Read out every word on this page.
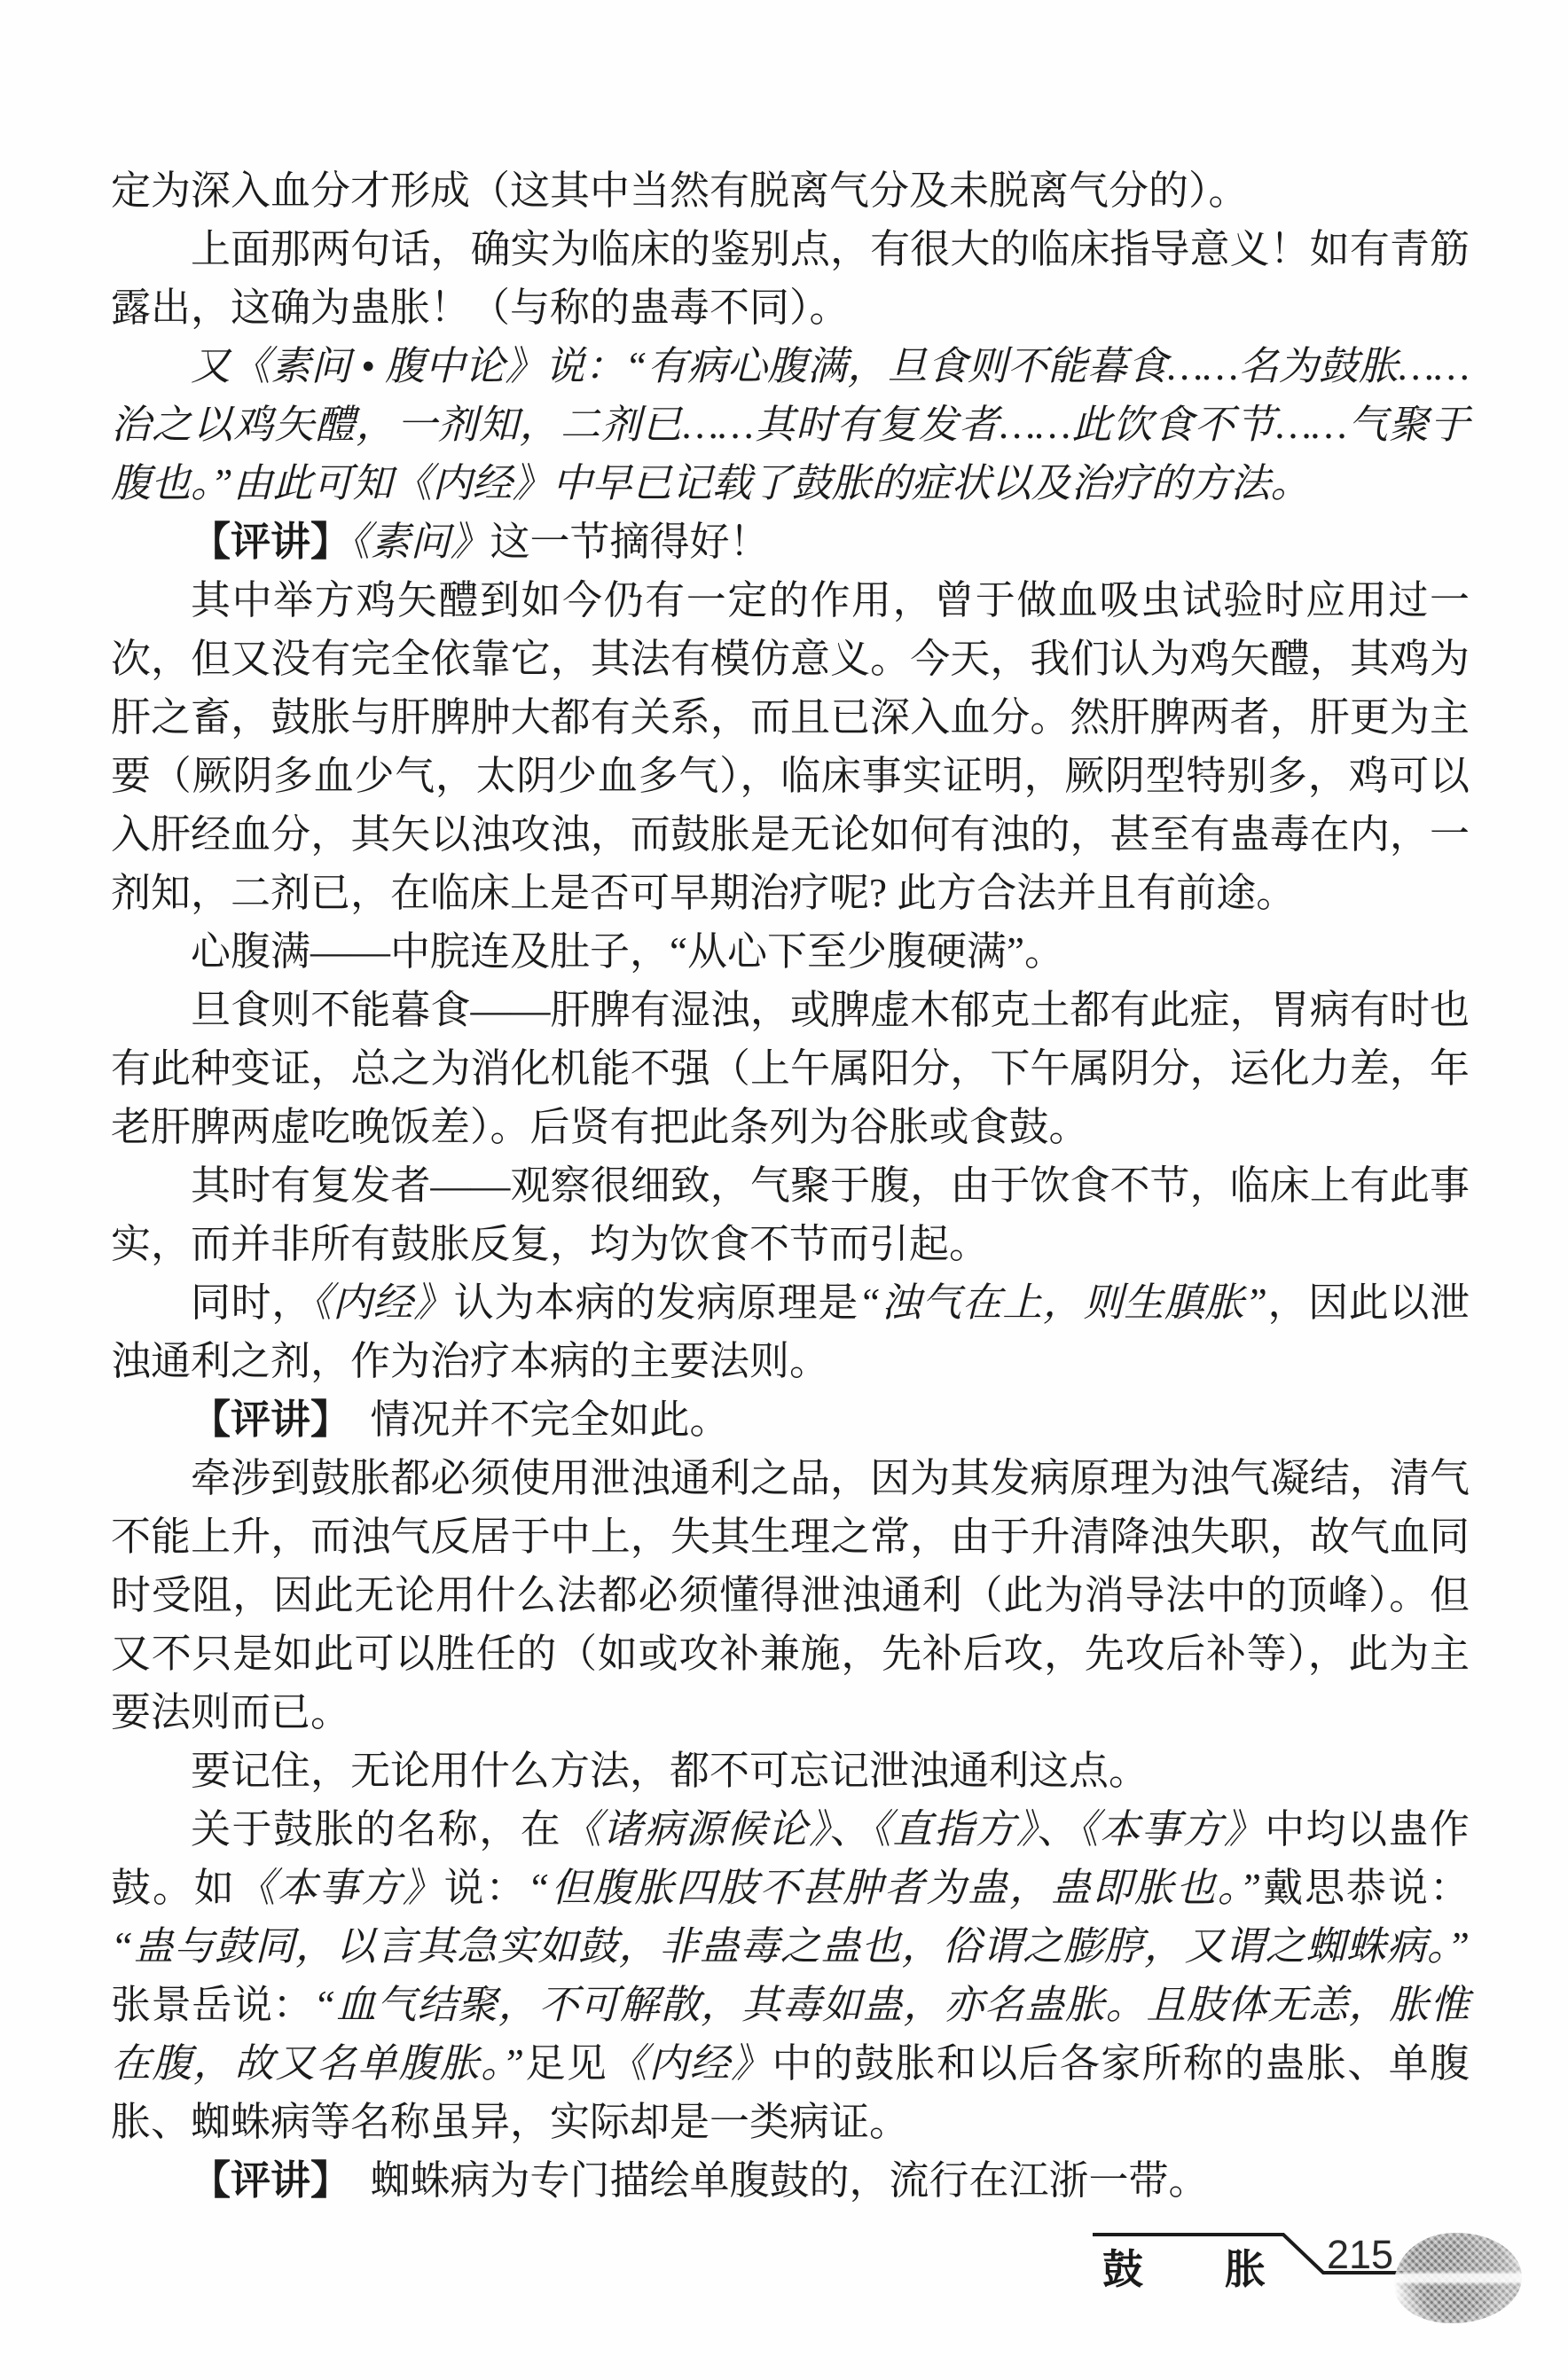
定为深入血分才形成（这其中当然有脱离气分及未脱离气分的）。

上面那两句话，确实为临床的鉴别点，有很大的临床指导意义！如有青筋露出，这确为蛊胀！（与称的蛊毒不同）。

又《素问 • 腹中论》说：“有病心腹满，旦食则不能暮食……名为鼓胀……治之以鸡矢醴，一剂知，二剂已……其时有复发者……此饮食不节……气聚于腹也。”由此可知《内经》中早已记载了鼓胀的症状以及治疗的方法。

【评讲】《素问》这一节摘得好！

其中举方鸡矢醴到如今仍有一定的作用，曾于做血吸虫试验时应用过一次，但又没有完全依靠它，其法有模仿意义。今天，我们认为鸡矢醴，其鸡为肝之畜，鼓胀与肝脾肿大都有关系，而且已深入血分。然肝脾两者，肝更为主要（厥阴多血少气，太阴少血多气），临床事实证明，厥阴型特别多，鸡可以入肝经血分，其矢以浊攻浊，而鼓胀是无论如何有浊的，甚至有蛊毒在内，一剂知，二剂已，在临床上是否可早期治疗呢? 此方合法并且有前途。

心腹满——中脘连及肚子，“从心下至少腹硬满”。

旦食则不能暮食——肝脾有湿浊，或脾虚木郁克土都有此症，胃病有时也有此种变证，总之为消化机能不强（上午属阳分，下午属阴分，运化力差，年老肝脾两虚吃晚饭差）。后贤有把此条列为谷胀或食鼓。

其时有复发者——观察很细致，气聚于腹，由于饮食不节，临床上有此事实，而并非所有鼓胀反复，均为饮食不节而引起。

同时，《内经》认为本病的发病原理是“浊气在上，则生䐜胀”，因此以泄浊通利之剂，作为治疗本病的主要法则。

【评讲】　情况并不完全如此。

牵涉到鼓胀都必须使用泄浊通利之品，因为其发病原理为浊气凝结，清气不能上升，而浊气反居于中上，失其生理之常，由于升清降浊失职，故气血同时受阻，因此无论用什么法都必须懂得泄浊通利（此为消导法中的顶峰）。但又不只是如此可以胜任的（如或攻补兼施，先补后攻，先攻后补等），此为主要法则而已。

要记住，无论用什么方法，都不可忘记泄浊通利这点。

关于鼓胀的名称，在《诸病源候论》、《直指方》、《本事方》中均以蛊作鼓。如《本事方》说：“但腹胀四肢不甚肿者为蛊，蛊即胀也。”戴思恭说：“蛊与鼓同，以言其急实如鼓，非蛊毒之蛊也，俗谓之膨脝，又谓之蜘蛛病。”张景岳说：“血气结聚，不可解散，其毒如蛊，亦名蛊胀。且肢体无恙，胀惟在腹，故又名单腹胀。”足见《内经》中的鼓胀和以后各家所称的蛊胀、单腹胀、蜘蛛病等名称虽异，实际却是一类病证。

【评讲】　蜘蛛病为专门描绘单腹鼓的，流行在江浙一带。

鼓　　胀 215
